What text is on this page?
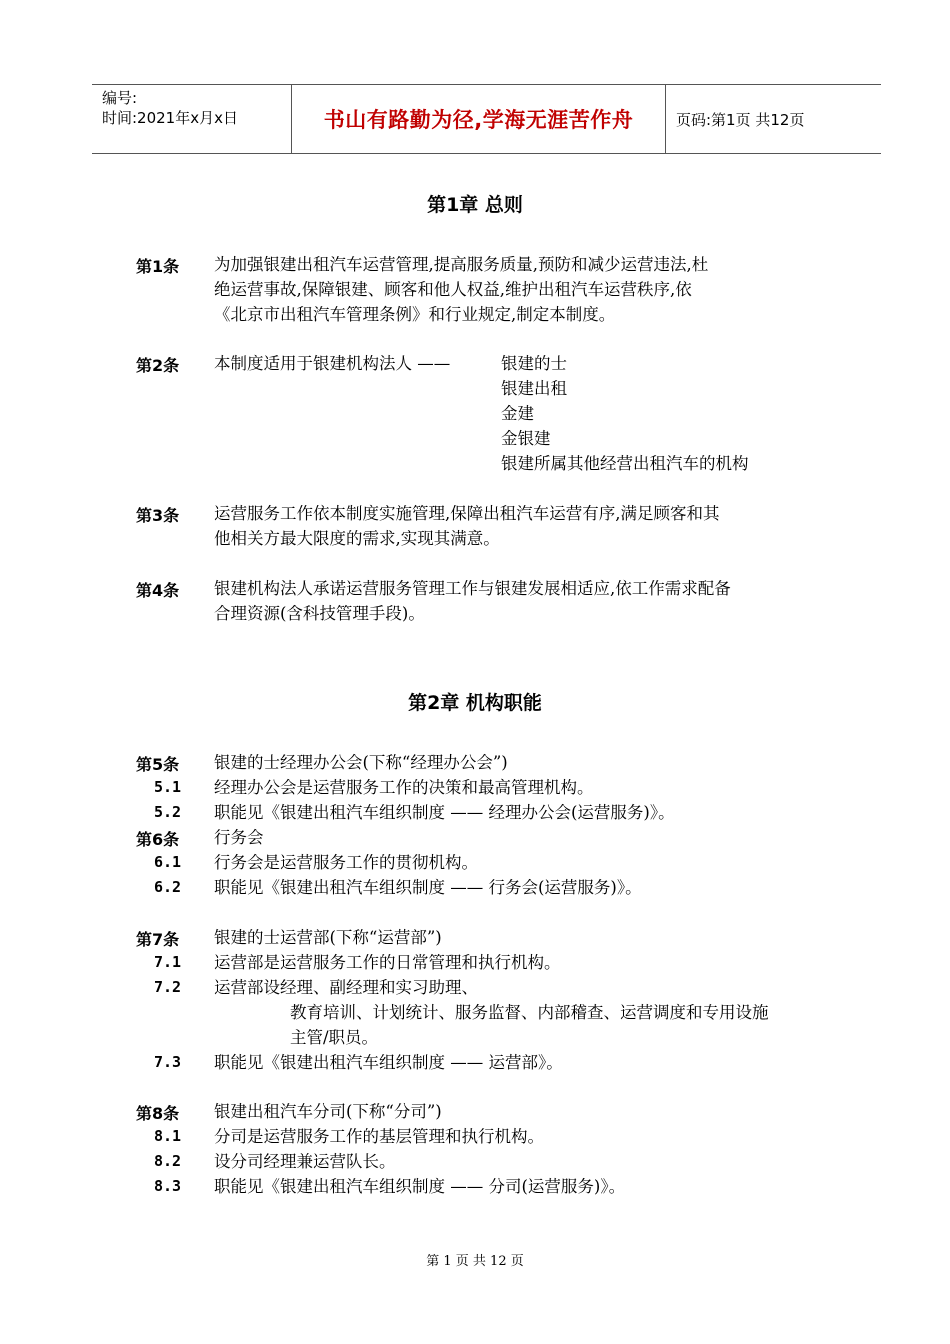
编号:
时间:2021年x月x日	书山有路勤为径,学海无涯苦作舟	页码:第1页 共12页
第1章 总则
第1条 为加强银建出租汽车运营管理,提高服务质量,预防和减少运营违法,杜
绝运营事故,保障银建、顾客和他人权益,维护出租汽车运营秩序,依
《北京市出租汽车管理条例》和行业规定,制定本制度。
第2条 本制度适用于银建机构法人 ——	银建的士
银建出租
金建
金银建
银建所属其他经营出租汽车的机构
第3条 运营服务工作依本制度实施管理,保障出租汽车运营有序,满足顾客和其
他相关方最大限度的需求,实现其满意。
第4条 银建机构法人承诺运营服务管理工作与银建发展相适应,依工作需求配备
合理资源(含科技管理手段)。
第2章 机构职能
第5条 银建的士经理办公会(下称“经理办公会”)
5.1 经理办公会是运营服务工作的决策和最高管理机构。
5.2 职能见《银建出租汽车组织制度 —— 经理办公会(运营服务)》。
第6条 行务会
6.1 行务会是运营服务工作的贯彻机构。
6.2 职能见《银建出租汽车组织制度 —— 行务会(运营服务)》。
第7条 银建的士运营部(下称“运营部”)
7.1 运营部是运营服务工作的日常管理和执行机构。
7.2 运营部设经理、副经理和实习助理、
教育培训、计划统计、服务监督、内部稽查、运营调度和专用设施
主管/职员。
7.3 职能见《银建出租汽车组织制度 —— 运营部》。
第8条 银建出租汽车分司(下称“分司”)
8.1 分司是运营服务工作的基层管理和执行机构。
8.2 设分司经理兼运营队长。
8.3 职能见《银建出租汽车组织制度 —— 分司(运营服务)》。
第 1 页 共 12 页
